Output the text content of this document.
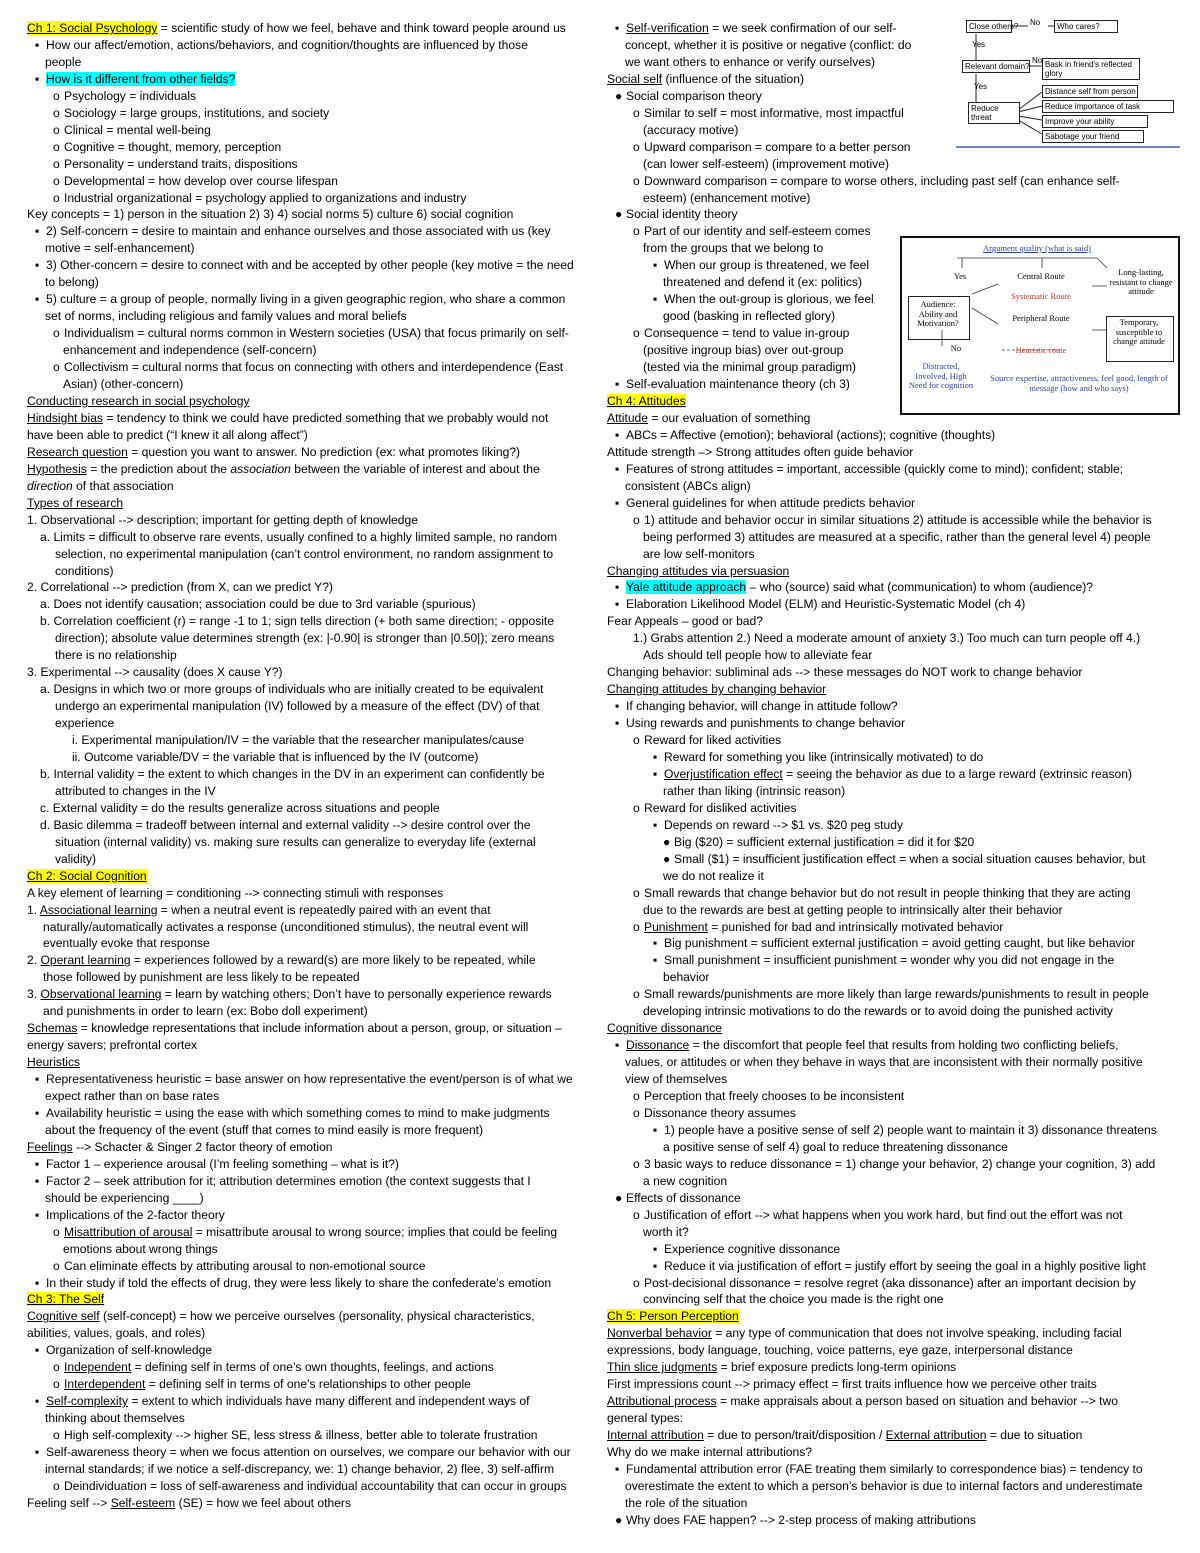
Ch 1: Social Psychology = scientific study of how we feel, behave and think toward people around us
▪ How our affect/emotion, actions/behaviors, and cognition/thoughts are influenced by those
people
▪ How is it different from other fields?
o Psychology = individuals
o Sociology = large groups, institutions, and society
o Clinical = mental well-being
o Cognitive = thought, memory, perception
o Personality = understand traits, dispositions
o Developmental = how develop over course lifespan
o Industrial organizational = psychology applied to organizations and industry
Key concepts = 1) person in the situation 2) 3) 4) social norms 5) culture 6) social cognition
▪ 2) Self-concern = desire to maintain and enhance ourselves and those associated with us (key
motive = self-enhancement)
▪ 3) Other-concern = desire to connect with and be accepted by other people (key motive = the need
to belong)
▪ 5) culture = a group of people, normally living in a given geographic region, who share a common
set of norms, including religious and family values and moral beliefs
o Individualism = cultural norms common in Western societies (USA) that focus primarily on self-
enhancement and independence (self-concern)
o Collectivism = cultural norms that focus on connecting with others and interdependence (East
Asian) (other-concern)
Conducting research in social psychology
Hindsight bias = tendency to think we could have predicted something that we probably would not
have been able to predict (“I knew it all along affect”)
Research question = question you want to answer. No prediction (ex: what promotes liking?)
Hypothesis = the prediction about the association between the variable of interest and about the
direction of that association
Types of research
1. Observational --> description; important for getting depth of knowledge
a. Limits = difficult to observe rare events, usually confined to a highly limited sample, no random
selection, no experimental manipulation (can’t control environment, no random assignment to
conditions)
2. Correlational --> prediction (from X, can we predict Y?)
a. Does not identify causation; association could be due to 3rd variable (spurious)
b. Correlation coefficient (r) = range -1 to 1; sign tells direction (+ both same direction; - opposite
direction); absolute value determines strength (ex: |-0.90| is stronger than |0.50|); zero means
there is no relationship
3. Experimental --> causality (does X cause Y?)
a. Designs in which two or more groups of individuals who are initially created to be equivalent
undergo an experimental manipulation (IV) followed by a measure of the effect (DV) of that
experience
i. Experimental manipulation/IV = the variable that the researcher manipulates/cause
ii. Outcome variable/DV = the variable that is influenced by the IV (outcome)
b. Internal validity = the extent to which changes in the DV in an experiment can confidently be
attributed to changes in the IV
c. External validity = do the results generalize across situations and people
d. Basic dilemma = tradeoff between internal and external validity --> desire control over the
situation (internal validity) vs. making sure results can generalize to everyday life (external
validity)
Ch 2: Social Cognition
A key element of learning = conditioning --> connecting stimuli with responses
1. Associational learning = when a neutral event is repeatedly paired with an event that
naturally/automatically activates a response (unconditioned stimulus), the neutral event will
eventually evoke that response
2. Operant learning = experiences followed by a reward(s) are more likely to be repeated, while
those followed by punishment are less likely to be repeated
3. Observational learning = learn by watching others; Don’t have to personally experience rewards
and punishments in order to learn (ex: Bobo doll experiment)
Schemas = knowledge representations that include information about a person, group, or situation –
energy savers; prefrontal cortex
Heuristics
▪ Representativeness heuristic = base answer on how representative the event/person is of what we
expect rather than on base rates
▪ Availability heuristic = using the ease with which something comes to mind to make judgments
about the frequency of the event (stuff that comes to mind easily is more frequent)
Feelings --> Schacter & Singer 2 factor theory of emotion
▪ Factor 1 – experience arousal (I’m feeling something – what is it?)
▪ Factor 2 – seek attribution for it; attribution determines emotion (the context suggests that I
should be experiencing ____)
▪ Implications of the 2-factor theory
o Misattribution of arousal = misattribute arousal to wrong source; implies that could be feeling
emotions about wrong things
o Can eliminate effects by attributing arousal to non-emotional source
▪ In their study if told the effects of drug, they were less likely to share the confederate’s emotion
Ch 3: The Self
Cognitive self (self-concept) = how we perceive ourselves (personality, physical characteristics,
abilities, values, goals, and roles)
▪ Organization of self-knowledge
o Independent = defining self in terms of one’s own thoughts, feelings, and actions
o Interdependent = defining self in terms of one’s relationships to other people
▪ Self-complexity = extent to which individuals have many different and independent ways of
thinking about themselves
o High self-complexity --> higher SE, less stress & illness, better able to tolerate frustration
▪ Self-awareness theory = when we focus attention on ourselves, we compare our behavior with our
internal standards; if we notice a self-discrepancy, we: 1) change behavior, 2) flee, 3) self-affirm
o Deindividuation = loss of self-awareness and individual accountability that can occur in groups
Feeling self --> Self-esteem (SE) = how we feel about others
▪ Self-verification = we seek confirmation of our self-
concept, whether it is positive or negative (conflict: do
we want others to enhance or verify ourselves)
Social self (influence of the situation)
● Social comparison theory
o Similar to self = most informative, most impactful
(accuracy motive)
o Upward comparison = compare to a better person
(can lower self-esteem) (improvement motive)
o Downward comparison = compare to worse others, including past self (can enhance self-
esteem) (enhancement motive)
● Social identity theory
o Part of our identity and self-esteem comes
from the groups that we belong to
▪ When our group is threatened, we feel
threatened and defend it (ex: politics)
▪ When the out-group is glorious, we feel
good (basking in reflected glory)
o Consequence = tend to value in-group
(positive ingroup bias) over out-group
(tested via the minimal group paradigm)
▪ Self-evaluation maintenance theory (ch 3)
Ch 4: Attitudes
Attitude = our evaluation of something
▪ ABCs = Affective (emotion); behavioral (actions); cognitive (thoughts)
Attitude strength –> Strong attitudes often guide behavior
▪ Features of strong attitudes = important, accessible (quickly come to mind); confident; stable;
consistent (ABCs align)
▪ General guidelines for when attitude predicts behavior
o 1) attitude and behavior occur in similar situations 2) attitude is accessible while the behavior is
being performed 3) attitudes are measured at a specific, rather than the general level 4) people
are low self-monitors
Changing attitudes via persuasion
▪ Yale attitude approach – who (source) said what (communication) to whom (audience)?
▪ Elaboration Likelihood Model (ELM) and Heuristic-Systematic Model (ch 4)
Fear Appeals – good or bad?
1.) Grabs attention 2.) Need a moderate amount of anxiety 3.) Too much can turn people off 4.)
Ads should tell people how to alleviate fear
Changing behavior: subliminal ads --> these messages do NOT work to change behavior
Changing attitudes by changing behavior
▪ If changing behavior, will change in attitude follow?
▪ Using rewards and punishments to change behavior
o Reward for liked activities
▪ Reward for something you like (intrinsically motivated) to do
▪ Overjustification effect = seeing the behavior as due to a large reward (extrinsic reason)
rather than liking (intrinsic reason)
o Reward for disliked activities
▪ Depends on reward --> $1 vs. $20 peg study
● Big ($20) = sufficient external justification = did it for $20
● Small ($1) = insufficient justification effect = when a social situation causes behavior, but
we do not realize it
o Small rewards that change behavior but do not result in people thinking that they are acting
due to the rewards are best at getting people to intrinsically alter their behavior
o Punishment = punished for bad and intrinsically motivated behavior
▪ Big punishment = sufficient external justification = avoid getting caught, but like behavior
▪ Small punishment = insufficient punishment = wonder why you did not engage in the
behavior
o Small rewards/punishments are more likely than large rewards/punishments to result in people
developing intrinsic motivations to do the rewards or to avoid doing the punished activity
Cognitive dissonance
▪ Dissonance = the discomfort that people feel that results from holding two conflicting beliefs,
values, or attitudes or when they behave in ways that are inconsistent with their normally positive
view of themselves
o Perception that freely chooses to be inconsistent
o Dissonance theory assumes
▪ 1) people have a positive sense of self 2) people want to maintain it 3) dissonance threatens
a positive sense of self 4) goal to reduce threatening dissonance
o 3 basic ways to reduce dissonance = 1) change your behavior, 2) change your cognition, 3) add
a new cognition
● Effects of dissonance
o Justification of effort --> what happens when you work hard, but find out the effort was not
worth it?
▪ Experience cognitive dissonance
▪ Reduce it via justification of effort = justify effort by seeing the goal in a highly positive light
o Post-decisional dissonance = resolve regret (aka dissonance) after an important decision by
convincing self that the choice you made is the right one
Ch 5: Person Perception
Nonverbal behavior = any type of communication that does not involve speaking, including facial
expressions, body language, touching, voice patterns, eye gaze, interpersonal distance
Thin slice judgments = brief exposure predicts long-term opinions
First impressions count --> primacy effect = first traits influence how we perceive other traits
Attributional process = make appraisals about a person based on situation and behavior --> two
general types:
Internal attribution = due to person/trait/disposition / External attribution = due to situation
Why do we make internal attributions?
▪ Fundamental attribution error (FAE treating them similarly to correspondence bias) = tendency to
overestimate the extent to which a person’s behavior is due to internal factors and underestimate
the role of the situation
● Why does FAE happen? --> 2-step process of making attributions
Close others? No	Who cares?
Yes
Relevant domain?
No Bask in friend's reflected glory
Yes
Reduce threat
Distance self from person
Reduce importance of task
Improve your ability
Sabotage your friend
Argument quality (what is said)
Yes	Central Route
Systematic Route
Long-lasting, resistant to change attitude
Audience: Ability and Motivation?	Peripheral Route
Heuristic route
Temporary, susceptible to change attitude
No
Distracted, Involved, High Need for cognition
Source expertise, attractiveness, feel good, length of message (how and who says)
